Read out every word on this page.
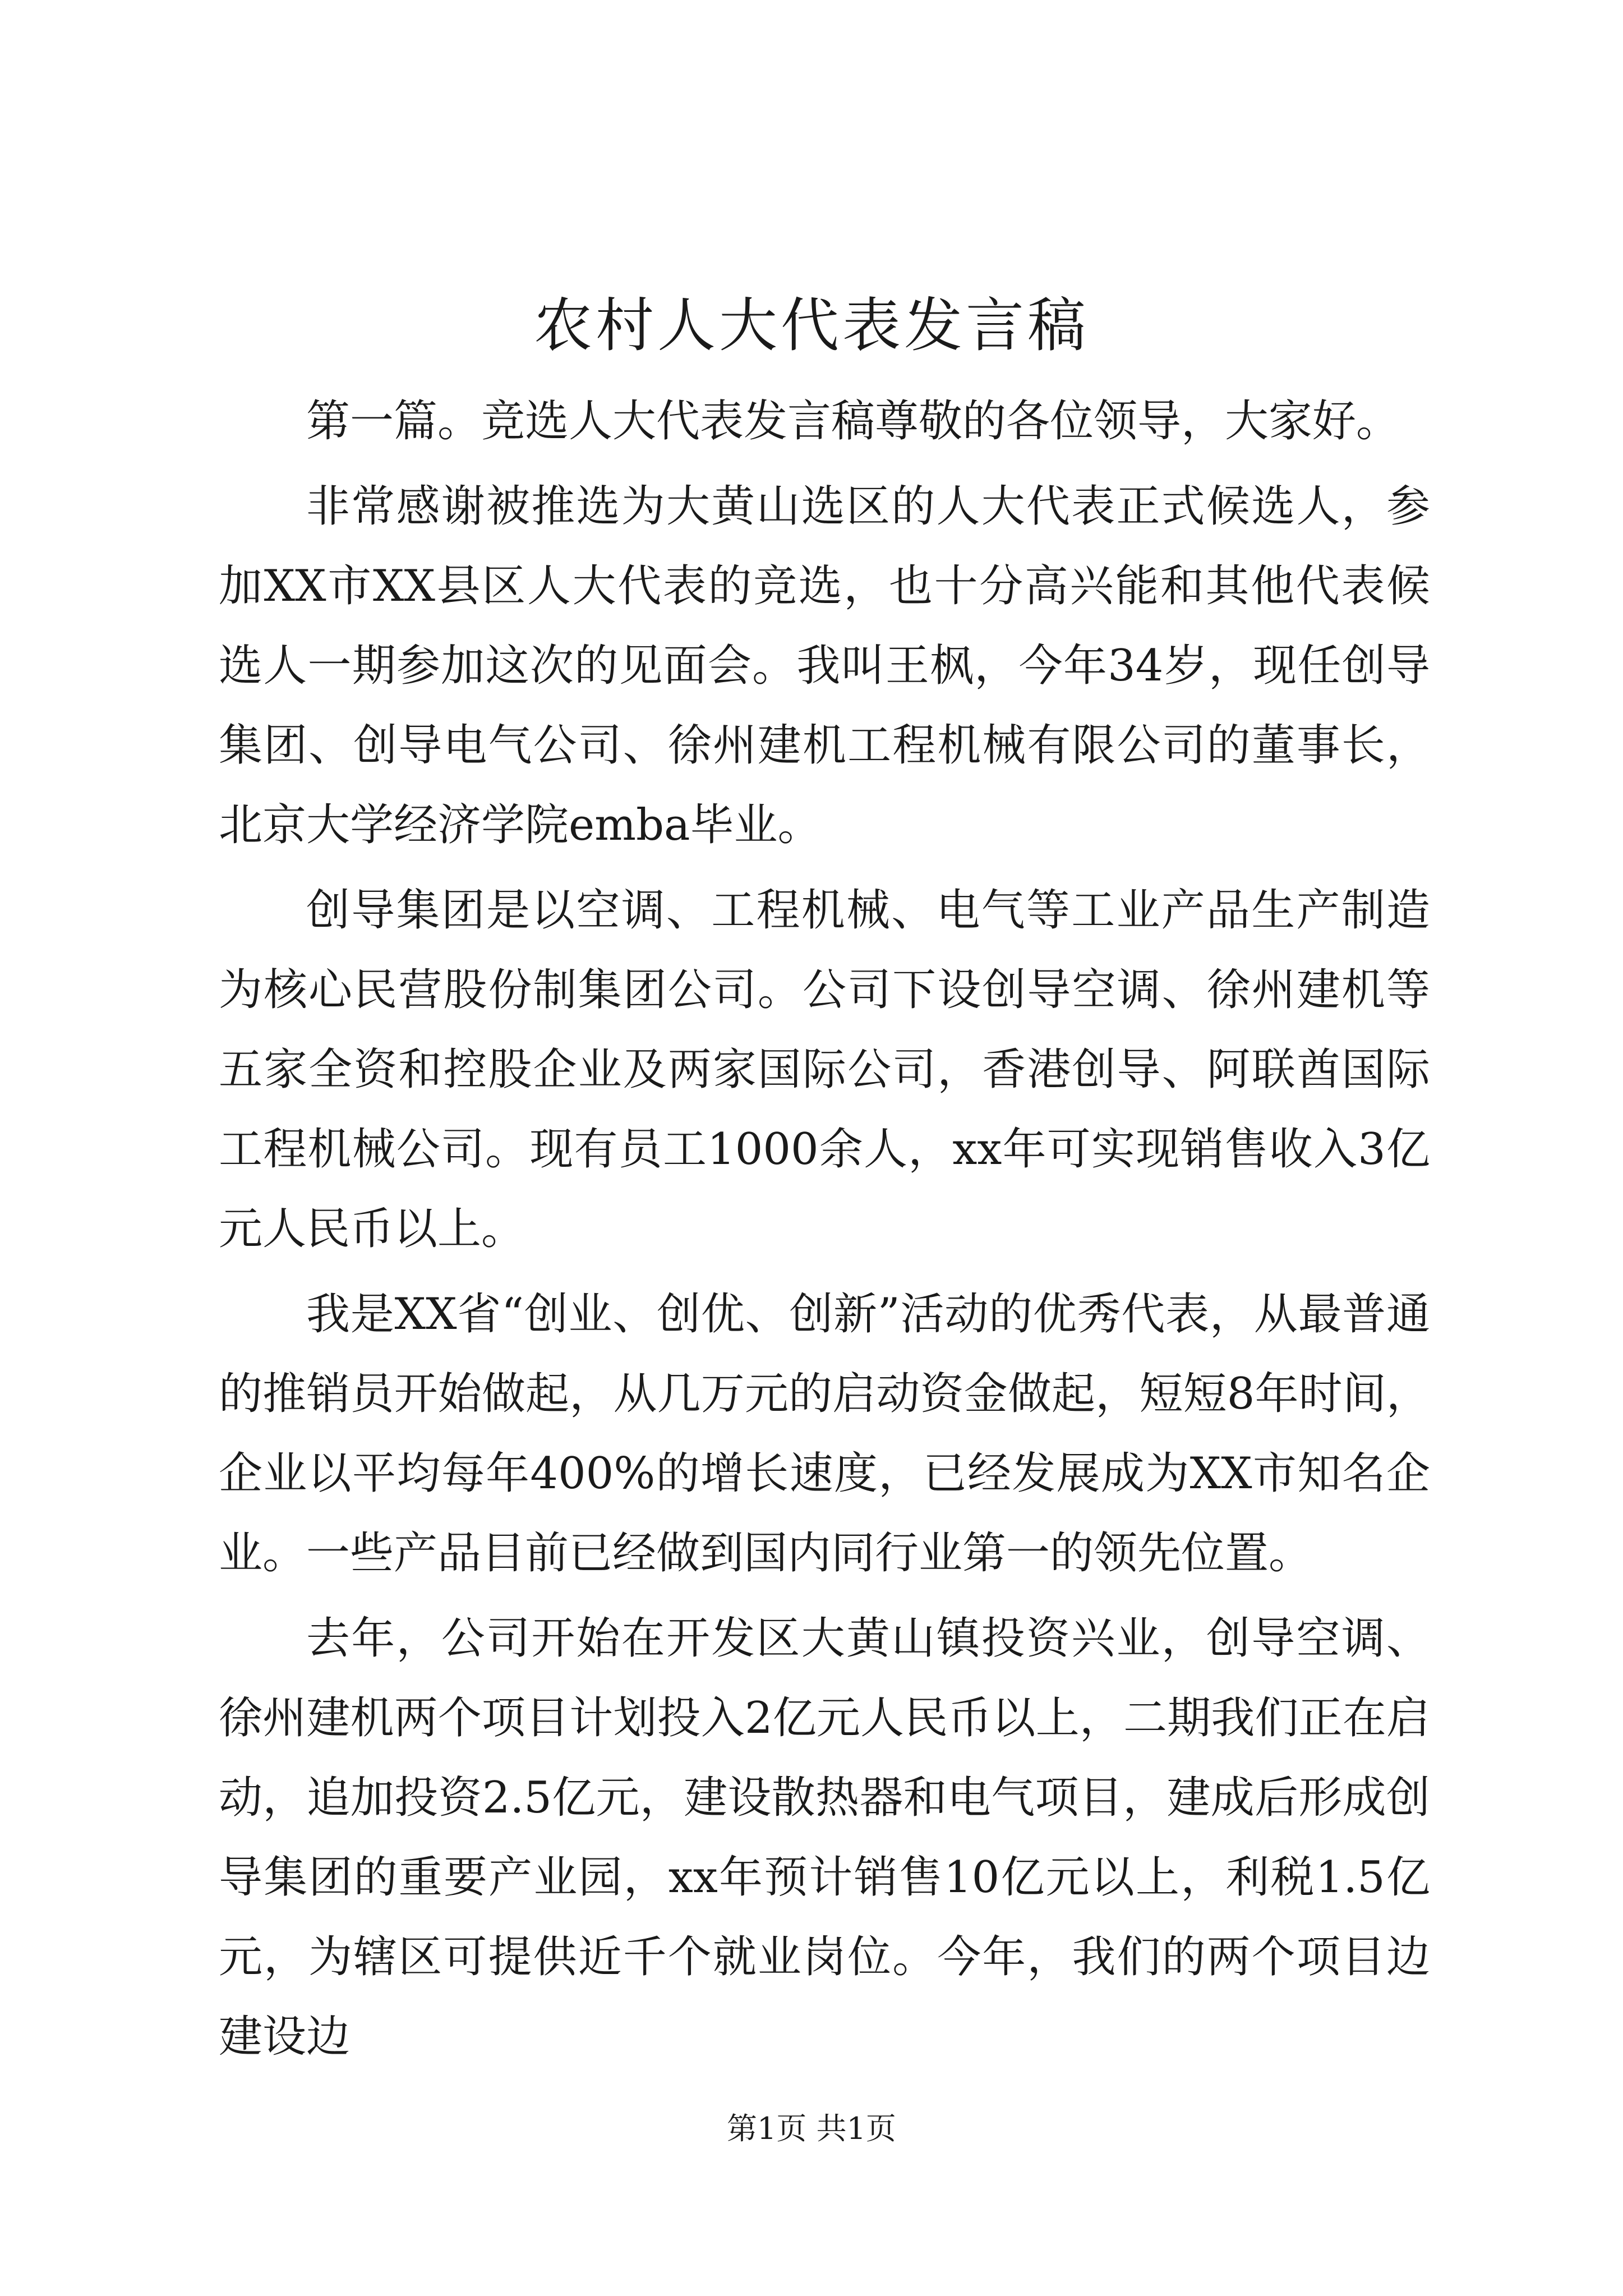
农村人大代表发言稿

第一篇。竞选人大代表发言稿尊敬的各位领导，大家好。

非常感谢被推选为大黄山选区的人大代表正式候选人，参加XX市XX县区人大代表的竞选，也十分高兴能和其他代表候选人一期参加这次的见面会。我叫王枫，今年34岁，现任创导集团、创导电气公司、徐州建机工程机械有限公司的董事长，北京大学经济学院emba毕业。

创导集团是以空调、工程机械、电气等工业产品生产制造为核心民营股份制集团公司。公司下设创导空调、徐州建机等五家全资和控股企业及两家国际公司，香港创导、阿联酋国际工程机械公司。现有员工1000余人，xx年可实现销售收入3亿元人民币以上。

我是XX省“创业、创优、创新”活动的优秀代表，从最普通的推销员开始做起，从几万元的启动资金做起，短短8年时间，企业以平均每年400%的增长速度，已经发展成为XX市知名企业。一些产品目前已经做到国内同行业第一的领先位置。

去年，公司开始在开发区大黄山镇投资兴业，创导空调、徐州建机两个项目计划投入2亿元人民币以上，二期我们正在启动，追加投资2.5亿元，建设散热器和电气项目，建成后形成创导集团的重要产业园，xx年预计销售10亿元以上，利税1.5亿元，为辖区可提供近千个就业岗位。今年，我们的两个项目边建设边

第1页 共1页
